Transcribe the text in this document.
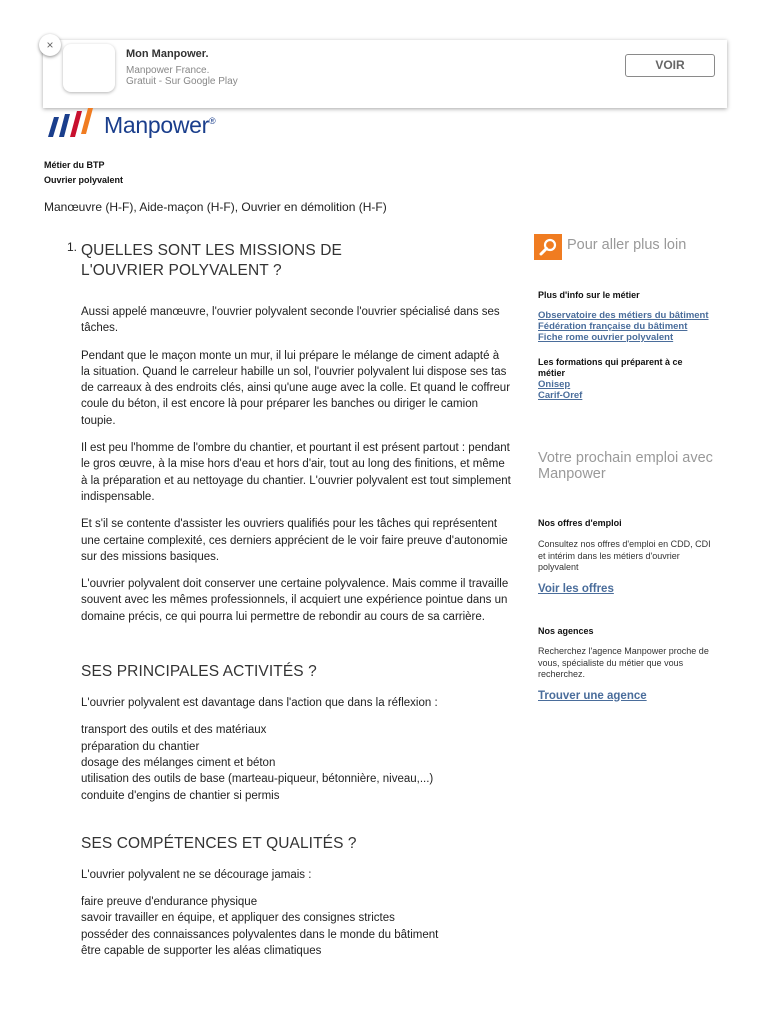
×
Mon Manpower.
Manpower France.
Gratuit - Sur Google Play
VOIR
Manpower®
Métier du BTP
Ouvrier polyvalent
Manœuvre (H-F), Aide-maçon (H-F), Ouvrier en démolition (H-F)
1. QUELLES SONT LES MISSIONS DE L'OUVRIER POLYVALENT ?

Aussi appelé manœuvre, l'ouvrier polyvalent seconde l'ouvrier spécialisé dans ses tâches.

Pendant que le maçon monte un mur, il lui prépare le mélange de ciment adapté à la situation. Quand le carreleur habille un sol, l'ouvrier polyvalent lui dispose ses tas de carreaux à des endroits clés, ainsi qu'une auge avec la colle. Et quand le coffreur coule du béton, il est encore là pour préparer les banches ou diriger le camion toupie.

Il est peu l'homme de l'ombre du chantier, et pourtant il est présent partout : pendant le gros œuvre, à la mise hors d'eau et hors d'air, tout au long des finitions, et même à la préparation et au nettoyage du chantier. L'ouvrier polyvalent est tout simplement indispensable.

Et s'il se contente d'assister les ouvriers qualifiés pour les tâches qui représentent une certaine complexité, ces derniers apprécient de le voir faire preuve d'autonomie sur des missions basiques.

L'ouvrier polyvalent doit conserver une certaine polyvalence. Mais comme il travaille souvent avec les mêmes professionnels, il acquiert une expérience pointue dans un domaine précis, ce qui pourra lui permettre de rebondir au cours de sa carrière.

SES PRINCIPALES ACTIVITÉS ?

L'ouvrier polyvalent est davantage dans l'action que dans la réflexion :

transport des outils et des matériaux
préparation du chantier
dosage des mélanges ciment et béton
utilisation des outils de base (marteau-piqueur, bétonnière, niveau,...)
conduite d'engins de chantier si permis
SES COMPÉTENCES ET QUALITÉS ?

L'ouvrier polyvalent ne se décourage jamais :

faire preuve d'endurance physique
savoir travailler en équipe, et appliquer des consignes strictes
posséder des connaissances polyvalentes dans le monde du bâtiment
être capable de supporter les aléas climatiques
Pour aller plus loin
Plus d'info sur le métier
Observatoire des métiers du bâtiment
Fédération française du bâtiment
Fiche rome ouvrier polyvalent
Les formations qui préparent à ce métier
Onisep
Carif-Oref
Votre prochain emploi avec Manpower
Nos offres d'emploi
Consultez nos offres d'emploi en CDD, CDI et intérim dans les métiers d'ouvrier polyvalent
Voir les offres
Nos agences
Recherchez l'agence Manpower proche de vous, spécialiste du métier que vous recherchez.
Trouver une agence
